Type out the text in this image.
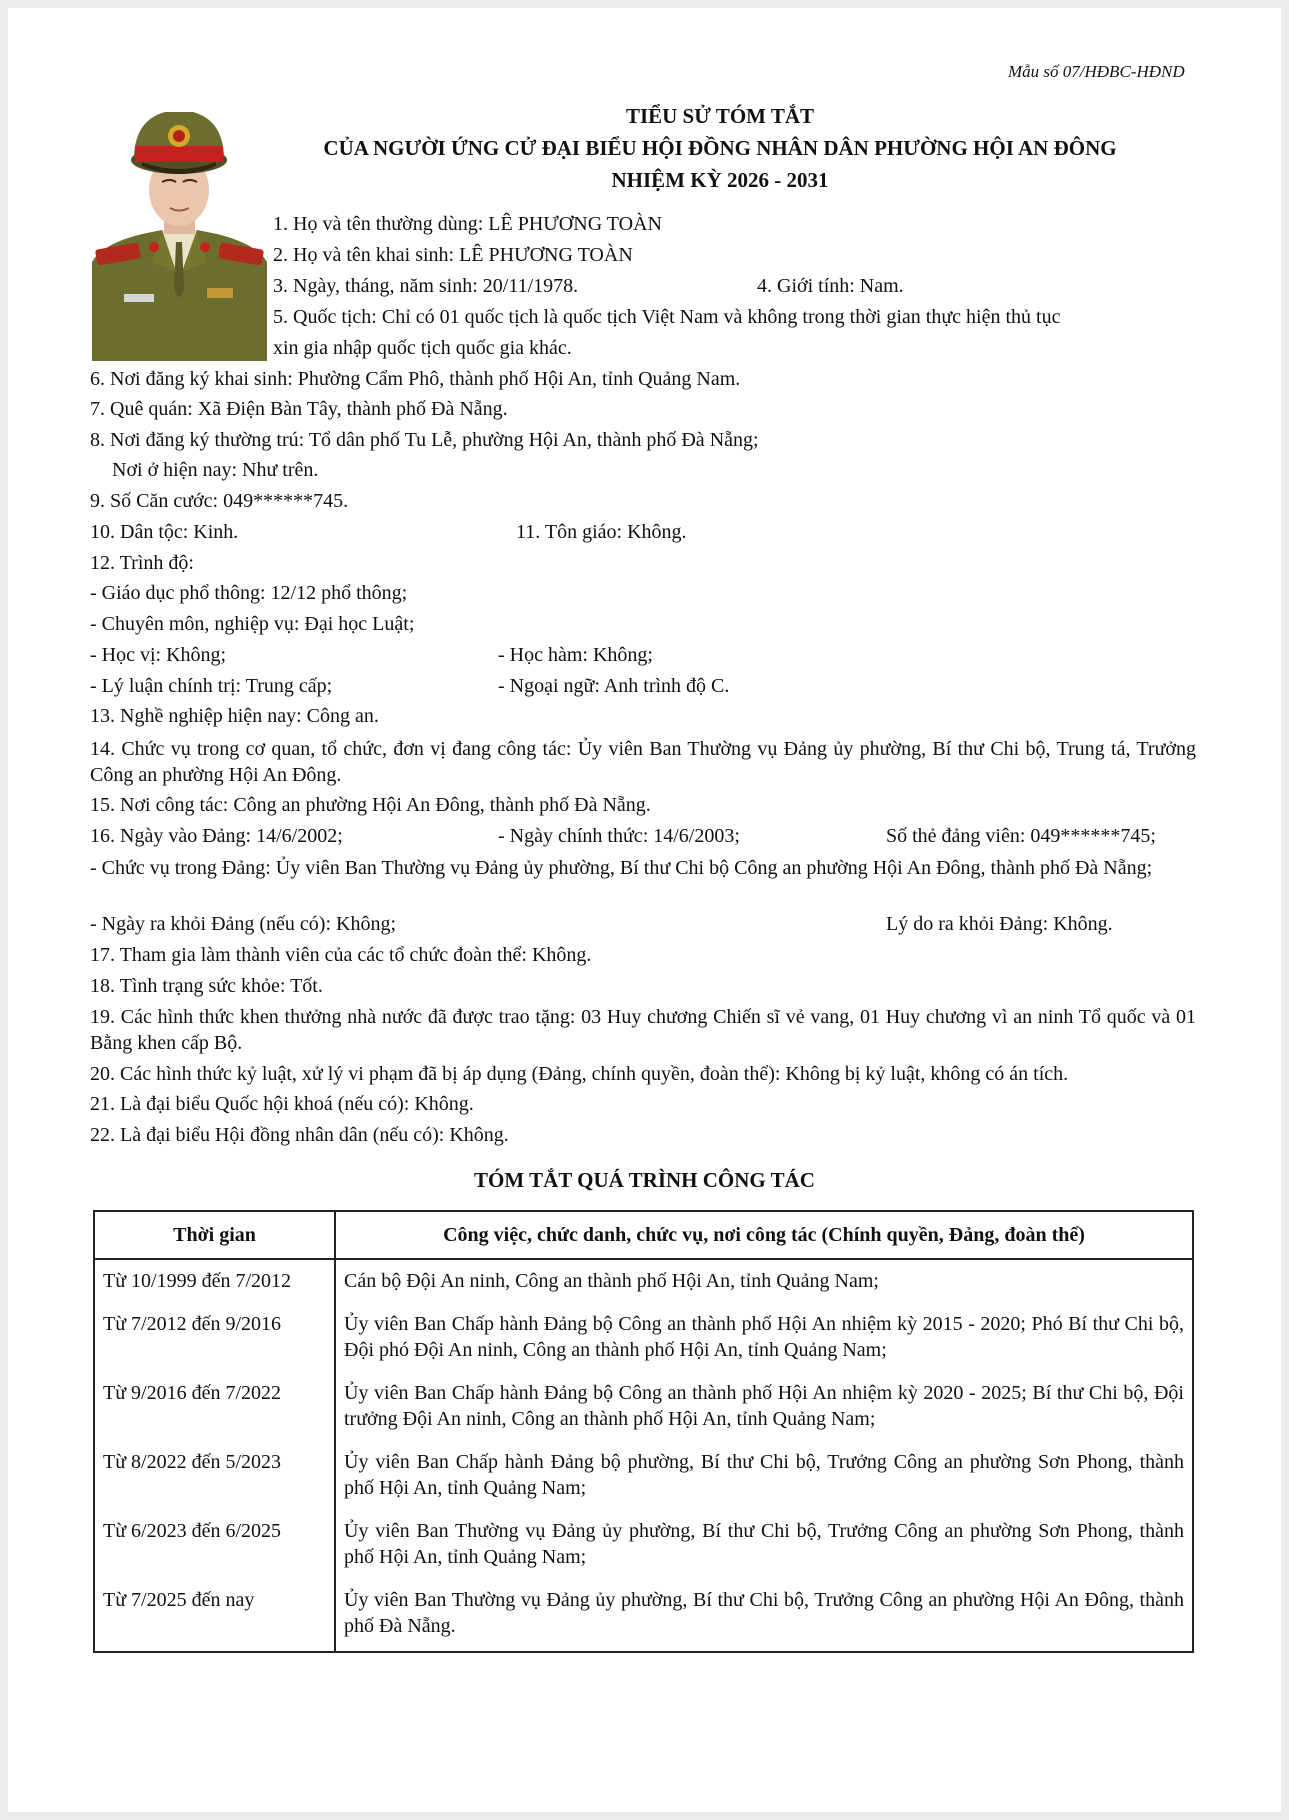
Mẫu số 07/HĐBC-HĐND
TIỂU SỬ TÓM TẮT
CỦA NGƯỜI ỨNG CỬ ĐẠI BIỂU HỘI ĐỒNG NHÂN DÂN PHƯỜNG HỘI AN ĐÔNG
NHIỆM KỲ 2026 - 2031
1. Họ và tên thường dùng: LÊ PHƯƠNG TOÀN
2. Họ và tên khai sinh: LÊ PHƯƠNG TOÀN
3. Ngày, tháng, năm sinh: 20/11/1978.	4. Giới tính: Nam.
5. Quốc tịch: Chỉ có 01 quốc tịch là quốc tịch Việt Nam và không trong thời gian thực hiện thủ tục
xin gia nhập quốc tịch quốc gia khác.
6. Nơi đăng ký khai sinh: Phường Cẩm Phô, thành phố Hội An, tỉnh Quảng Nam.
7. Quê quán: Xã Điện Bàn Tây, thành phố Đà Nẵng.
8. Nơi đăng ký thường trú: Tổ dân phố Tu Lễ, phường Hội An, thành phố Đà Nẵng;
Nơi ở hiện nay: Như trên.
9. Số Căn cước: 049******745.
10. Dân tộc: Kinh.	11. Tôn giáo: Không.
12. Trình độ:
- Giáo dục phổ thông: 12/12 phổ thông;
- Chuyên môn, nghiệp vụ: Đại học Luật;
- Học vị: Không;	- Học hàm: Không;
- Lý luận chính trị: Trung cấp;	- Ngoại ngữ: Anh trình độ C.
13. Nghề nghiệp hiện nay: Công an.
14. Chức vụ trong cơ quan, tổ chức, đơn vị đang công tác: Ủy viên Ban Thường vụ Đảng ủy phường, Bí thư Chi bộ, Trung tá, Trưởng Công an phường Hội An Đông.
15. Nơi công tác: Công an phường Hội An Đông, thành phố Đà Nẵng.
16. Ngày vào Đảng: 14/6/2002;	- Ngày chính thức: 14/6/2003;	Số thẻ đảng viên: 049******745;
- Chức vụ trong Đảng: Ủy viên Ban Thường vụ Đảng ủy phường, Bí thư Chi bộ Công an phường Hội An Đông, thành phố Đà Nẵng;
- Ngày ra khỏi Đảng (nếu có): Không;	Lý do ra khỏi Đảng: Không.
17. Tham gia làm thành viên của các tổ chức đoàn thể: Không.
18. Tình trạng sức khỏe: Tốt.
19. Các hình thức khen thưởng nhà nước đã được trao tặng: 03 Huy chương Chiến sĩ vẻ vang, 01 Huy chương vì an ninh Tổ quốc và 01 Bằng khen cấp Bộ.
20. Các hình thức kỷ luật, xử lý vi phạm đã bị áp dụng (Đảng, chính quyền, đoàn thể): Không bị kỷ luật, không có án tích.
21. Là đại biểu Quốc hội khoá (nếu có): Không.
22. Là đại biểu Hội đồng nhân dân (nếu có): Không.
TÓM TẮT QUÁ TRÌNH CÔNG TÁC
Thời gian	Công việc, chức danh, chức vụ, nơi công tác (Chính quyền, Đảng, đoàn thể)
Từ 10/1999 đến 7/2012	Cán bộ Đội An ninh, Công an thành phố Hội An, tỉnh Quảng Nam;
Từ 7/2012 đến 9/2016	Ủy viên Ban Chấp hành Đảng bộ Công an thành phố Hội An nhiệm kỳ 2015 - 2020; Phó Bí thư Chi bộ, Đội phó Đội An ninh, Công an thành phố Hội An, tỉnh Quảng Nam;
Từ 9/2016 đến 7/2022	Ủy viên Ban Chấp hành Đảng bộ Công an thành phố Hội An nhiệm kỳ 2020 - 2025; Bí thư Chi bộ, Đội trưởng Đội An ninh, Công an thành phố Hội An, tỉnh Quảng Nam;
Từ 8/2022 đến 5/2023	Ủy viên Ban Chấp hành Đảng bộ phường, Bí thư Chi bộ, Trưởng Công an phường Sơn Phong, thành phố Hội An, tỉnh Quảng Nam;
Từ 6/2023 đến 6/2025	Ủy viên Ban Thường vụ Đảng ủy phường, Bí thư Chi bộ, Trưởng Công an phường Sơn Phong, thành phố Hội An, tỉnh Quảng Nam;
Từ 7/2025 đến nay	Ủy viên Ban Thường vụ Đảng ủy phường, Bí thư Chi bộ, Trưởng Công an phường Hội An Đông, thành phố Đà Nẵng.
